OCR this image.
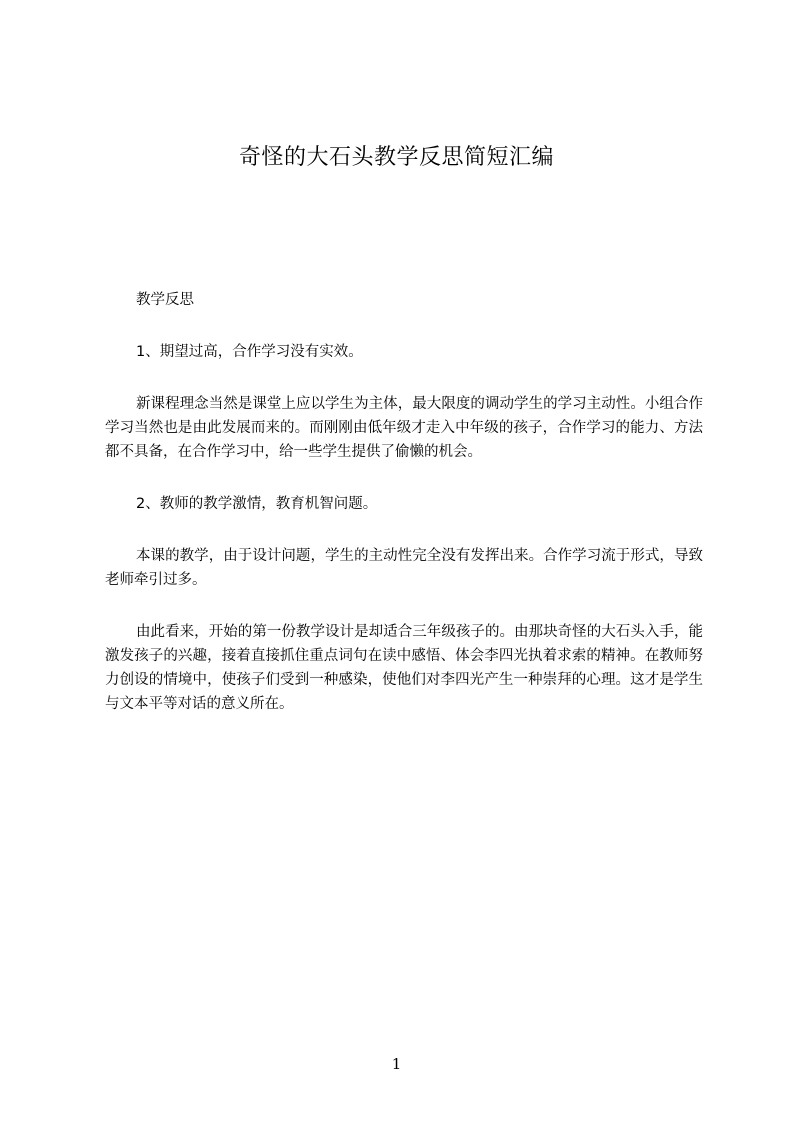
奇怪的大石头教学反思简短汇编

教学反思

1、期望过高，合作学习没有实效。

新课程理念当然是课堂上应以学生为主体，最大限度的调动学生的学习主动性。小组合作学习当然也是由此发展而来的。而刚刚由低年级才走入中年级的孩子，合作学习的能力、方法都不具备，在合作学习中，给一些学生提供了偷懒的机会。

2、教师的教学激情，教育机智问题。

本课的教学，由于设计问题，学生的主动性完全没有发挥出来。合作学习流于形式，导致老师牵引过多。

由此看来，开始的第一份教学设计是却适合三年级孩子的。由那块奇怪的大石头入手，能激发孩子的兴趣，接着直接抓住重点词句在读中感悟、体会李四光执着求索的精神。在教师努力创设的情境中，使孩子们受到一种感染，使他们对李四光产生一种崇拜的心理。这才是学生与文本平等对话的意义所在。

1
